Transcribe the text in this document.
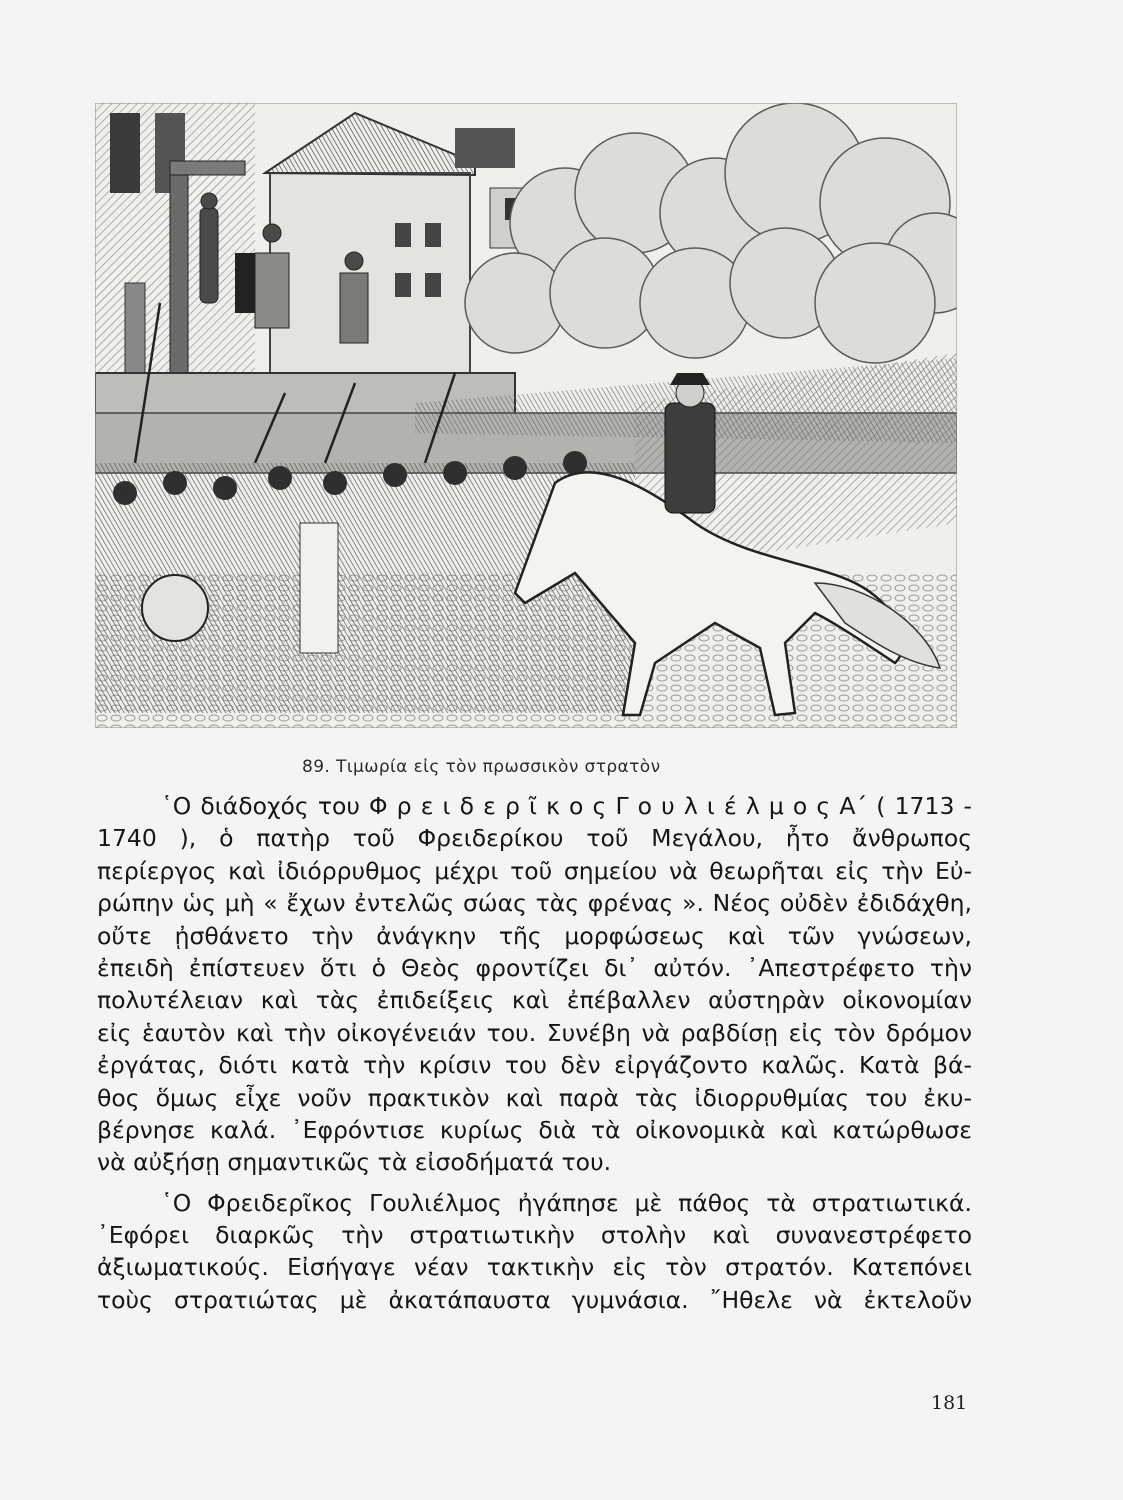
89. Τιμωρία εἰς τὸν πρωσσικὸν στρατὸν
῾Ο διάδοχός του Φ ρ ε ι δ ε ρ ῖ κ ο ς Γ ο υ λ ι έ λ μ ο ς Α΄ ( 1713 -
1740 ), ὁ πατὴρ τοῦ Φρειδερίκου τοῦ Μεγάλου, ἦτο ἄνθρωπος
περίεργος καὶ ἰδιόρρυθμος μέχρι τοῦ σημείου νὰ θεωρῆται εἰς τὴν Εὐ-
ρώπην ὡς μὴ « ἔχων ἐντελῶς σώας τὰς φρένας ». Νέος οὐδὲν ἐδιδάχθη,
οὔτε ᾐσθάνετο τὴν ἀνάγκην τῆς μορφώσεως καὶ τῶν γνώσεων,
ἐπειδὴ ἐπίστευεν ὅτι ὁ Θεὸς φροντίζει δι᾽ αὐτόν. ᾽Απεστρέφετο τὴν
πολυτέλειαν καὶ τὰς ἐπιδείξεις καὶ ἐπέβαλλεν αὐστηρὰν οἰκονομίαν
εἰς ἑαυτὸν καὶ τὴν οἰκογένειάν του. Συνέβη νὰ ραβδίσῃ εἰς τὸν δρόμον
ἐργάτας, διότι κατὰ τὴν κρίσιν του δὲν εἰργάζοντο καλῶς. Κατὰ βά-
θος ὅμως εἶχε νοῦν πρακτικὸν καὶ παρὰ τὰς ἰδιορρυθμίας του ἐκυ-
βέρνησε καλά. ᾽Εφρόντισε κυρίως διὰ τὰ οἰκονομικὰ καὶ κατώρθωσε
νὰ αὐξήσῃ σημαντικῶς τὰ εἰσοδήματά του.
῾Ο Φρειδερῖκος Γουλιέλμος ἠγάπησε μὲ πάθος τὰ στρατιωτικά.
᾽Εφόρει διαρκῶς τὴν στρατιωτικὴν στολὴν καὶ συνανεστρέφετο
ἀξιωματικούς. Εἰσήγαγε νέαν τακτικὴν εἰς τὸν στρατόν. Κατεπόνει
τοὺς στρατιώτας μὲ ἀκατάπαυστα γυμνάσια. ῎Ηθελε νὰ ἐκτελοῦν
181
